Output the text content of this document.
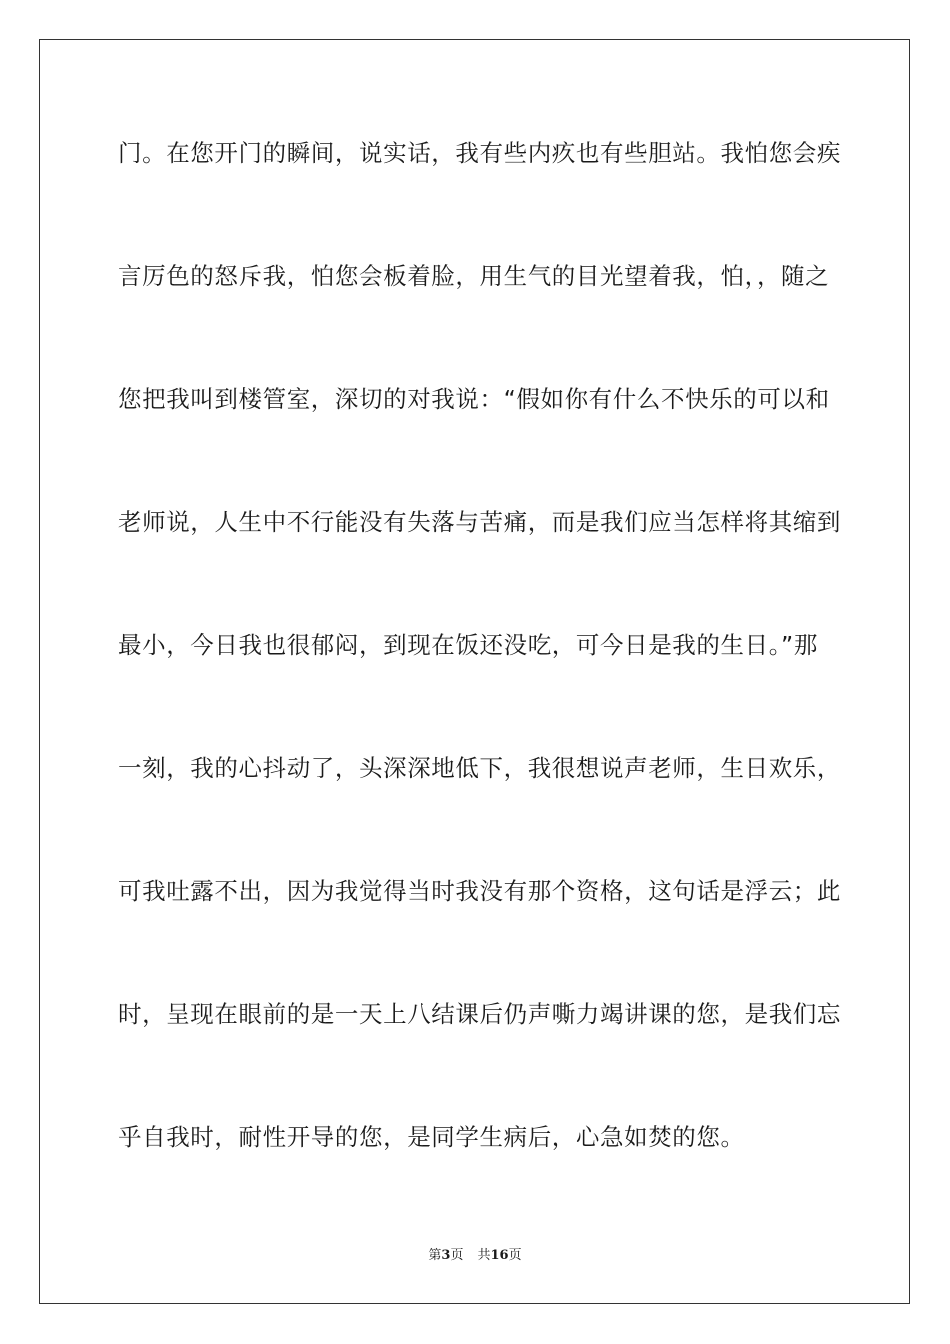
门。在您开门的瞬间，说实话，我有些内疚也有些胆站。我怕您会疾
言厉色的怒斥我，怕您会板着脸，用生气的目光望着我，怕，，随之
您把我叫到楼管室，深切的对我说：“假如你有什么不快乐的可以和
老师说，人生中不行能没有失落与苦痛，而是我们应当怎样将其缩到
最小，今日我也很郁闷，到现在饭还没吃，可今日是我的生日。”那
一刻，我的心抖动了，头深深地低下，我很想说声老师，生日欢乐，
可我吐露不出，因为我觉得当时我没有那个资格，这句话是浮云；此
时，呈现在眼前的是一天上八结课后仍声嘶力竭讲课的您，是我们忘
乎自我时，耐性开导的您，是同学生病后，心急如焚的您。
第3页 共16页
